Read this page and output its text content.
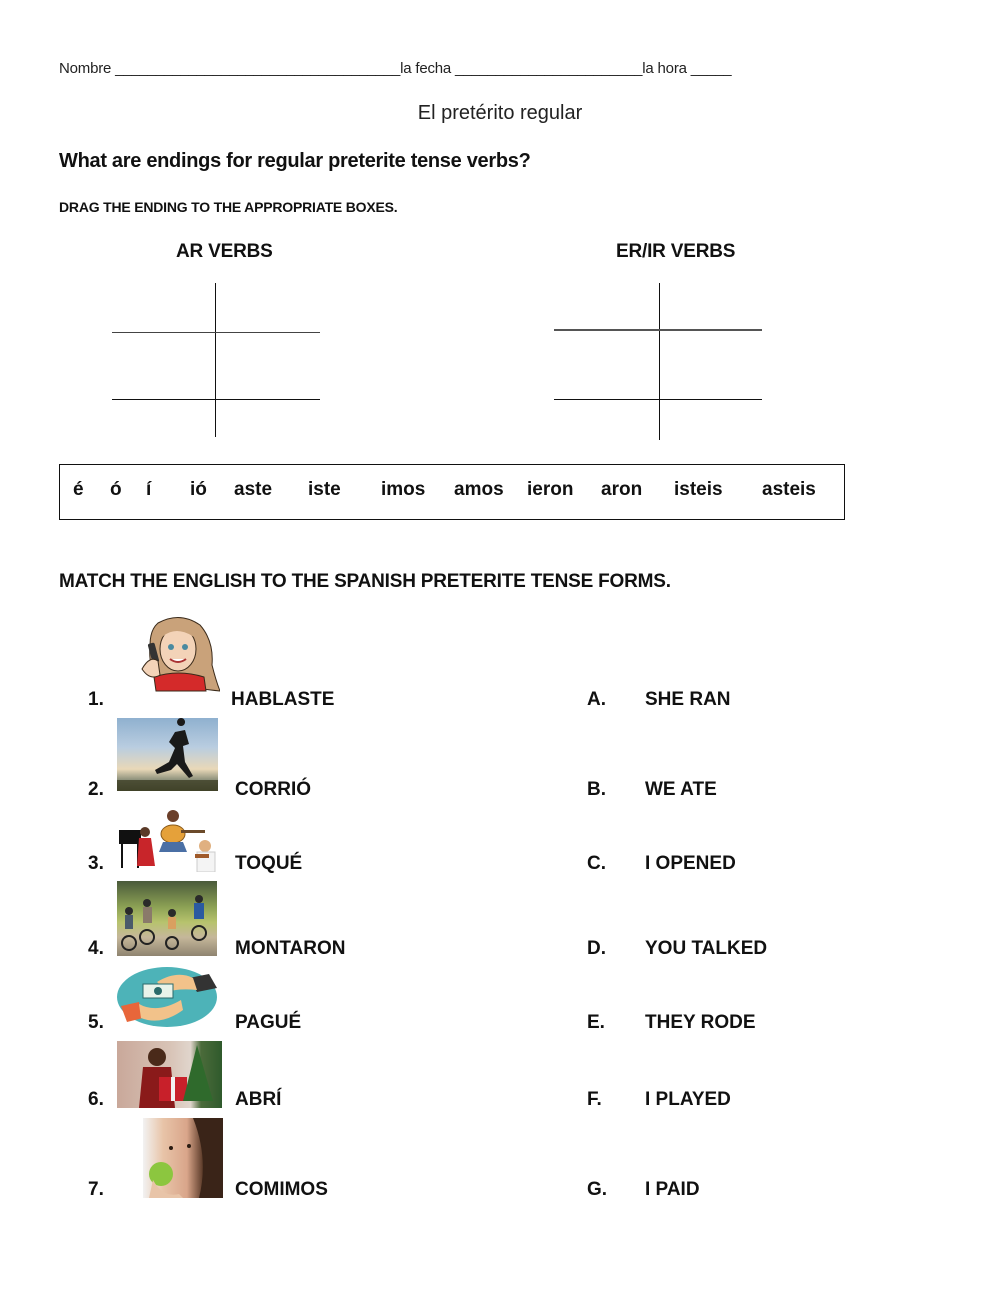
Nombre ___________________________________la fecha _______________________la hora _____
El pretérito regular
What are endings for regular preterite tense verbs?
DRAG THE ENDING TO THE APPROPRIATE BOXES.
AR VERBS	ER/IR VERBS
é ó í ió aste iste imos amos ieron aron isteis asteis
MATCH THE ENGLISH TO THE SPANISH PRETERITE TENSE FORMS.
1.	HABLASTE
2.	CORRIÓ
3.	TOQUÉ
4.	MONTARON
5.	PAGUÉ
6.	ABRÍ
7.	COMIMOS
A. SHE RAN
B. WE ATE
C. I OPENED
D. YOU TALKED
E. THEY RODE
F. I PLAYED
G. I PAID
